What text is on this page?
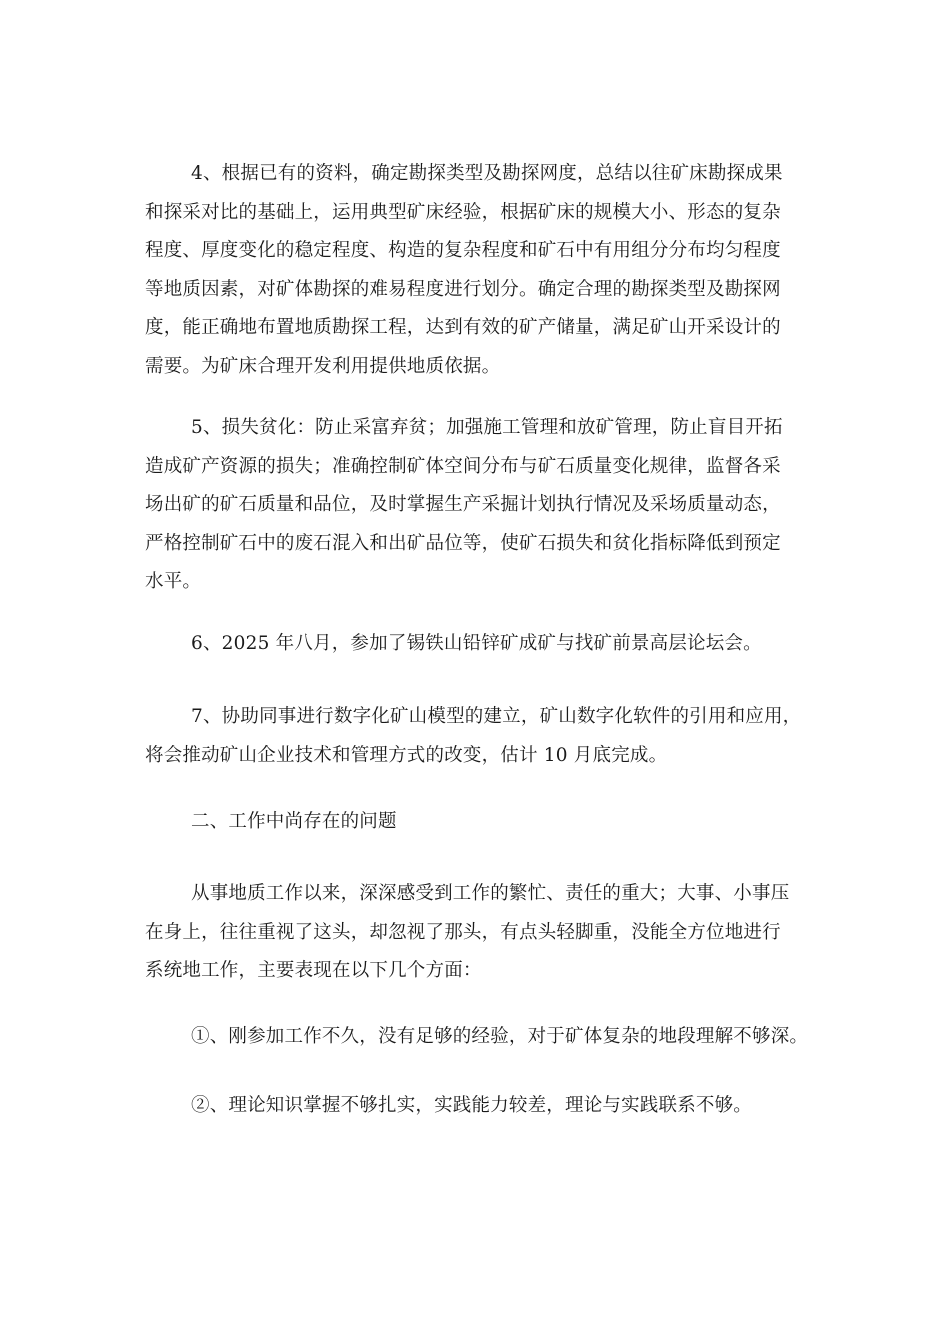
4、根据已有的资料，确定勘探类型及勘探网度，总结以往矿床勘探成果
和探采对比的基础上，运用典型矿床经验，根据矿床的规模大小、形态的复杂
程度、厚度变化的稳定程度、构造的复杂程度和矿石中有用组分分布均匀程度
等地质因素，对矿体勘探的难易程度进行划分。确定合理的勘探类型及勘探网
度，能正确地布置地质勘探工程，达到有效的矿产储量，满足矿山开采设计的
需要。为矿床合理开发利用提供地质依据。

5、损失贫化：防止采富弃贫；加强施工管理和放矿管理，防止盲目开拓
造成矿产资源的损失；准确控制矿体空间分布与矿石质量变化规律，监督各采
场出矿的矿石质量和品位，及时掌握生产采掘计划执行情况及采场质量动态，
严格控制矿石中的废石混入和出矿品位等，使矿石损失和贫化指标降低到预定
水平。

6、2025 年八月，参加了锡铁山铅锌矿成矿与找矿前景高层论坛会。

7、协助同事进行数字化矿山模型的建立，矿山数字化软件的引用和应用，
将会推动矿山企业技术和管理方式的改变，估计 10 月底完成。

二、工作中尚存在的问题

从事地质工作以来，深深感受到工作的繁忙、责任的重大；大事、小事压
在身上，往往重视了这头，却忽视了那头，有点头轻脚重，没能全方位地进行
系统地工作，主要表现在以下几个方面：

①、刚参加工作不久，没有足够的经验，对于矿体复杂的地段理解不够深。

②、理论知识掌握不够扎实，实践能力较差，理论与实践联系不够。
